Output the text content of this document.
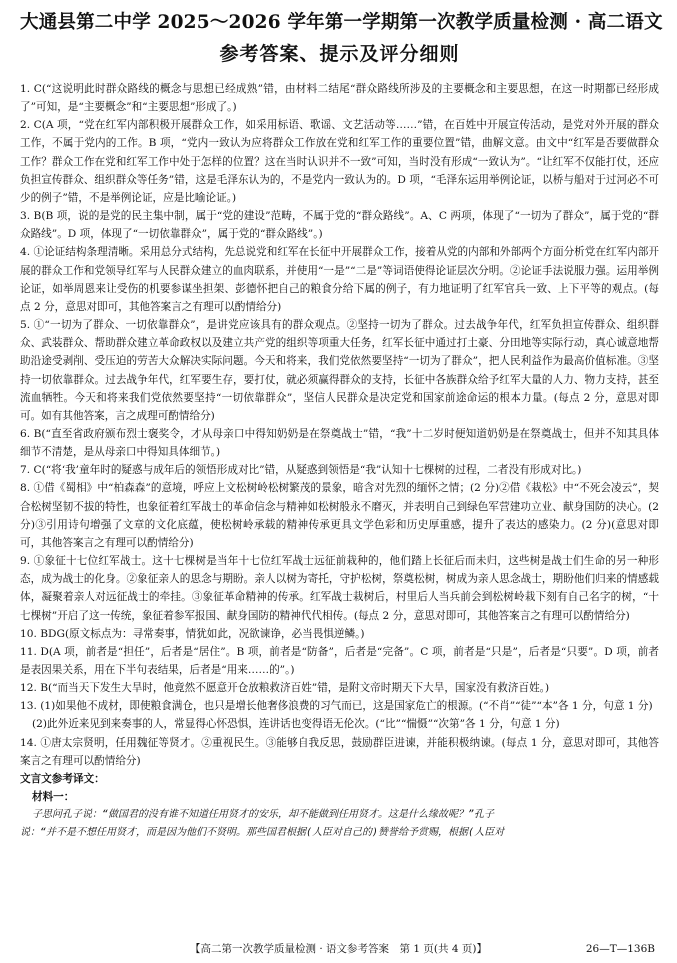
大通县第二中学 2025～2026 学年第一学期第一次教学质量检测 · 高二语文
参考答案、提示及评分细则

1. C(“这说明此时群众路线的概念与思想已经成熟”错，由材料二结尾“群众路线所涉及的主要概念和主要思想，在这一时期都已经形成了”可知，是“主要概念”和“主要思想”形成了。)

2. C(A 项，“党在红军内部积极开展群众工作，如采用标语、歌谣、文艺活动等……”错，在百姓中开展宣传活动，是党对外开展的群众工作，不属于党内的工作。B 项，“党内一致认为应将群众工作放在党和红军工作的重要位置”错，曲解文意。由文中“红军是否要做群众工作？群众工作在党和红军工作中处于怎样的位置？这在当时认识并不一致”可知，当时没有形成“一致认为”。“让红军不仅能打仗，还应负担宣传群众、组织群众等任务”错，这是毛泽东认为的，不是党内一致认为的。D 项，“毛泽东运用举例论证，以桥与船对于过河必不可少的例子”错，不是举例论证，应是比喻论证。)

3. B(B 项，说的是党的民主集中制，属于“党的建设”范畴，不属于党的“群众路线”。A、C 两项，体现了“一切为了群众”，属于党的“群众路线”。D 项，体现了“一切依靠群众”，属于党的“群众路线”。)

4. ①论证结构条理清晰。采用总分式结构，先总说党和红军在长征中开展群众工作，接着从党的内部和外部两个方面分析党在红军内部开展的群众工作和党领导红军与人民群众建立的血肉联系，并使用“一是”“二是”等词语使得论证层次分明。②论证手法说服力强。运用举例论证，如举周恩来让受伤的机要参谋坐担架、彭德怀把自己的粮食分给下属的例子，有力地证明了红军官兵一致、上下平等的观点。(每点 2 分，意思对即可，其他答案言之有理可以酌情给分)

5. ①“一切为了群众、一切依靠群众”，是讲党应该具有的群众观点。②坚持一切为了群众。过去战争年代，红军负担宣传群众、组织群众、武装群众、帮助群众建立革命政权以及建立共产党的组织等项重大任务，红军长征中通过打土豪、分田地等实际行动，真心诚意地帮助沿途受剥削、受压迫的劳苦大众解决实际问题。今天和将来，我们党依然要坚持“一切为了群众”，把人民利益作为最高价值标准。③坚持一切依靠群众。过去战争年代，红军要生存，要打仗，就必须赢得群众的支持，长征中各族群众给予红军大量的人力、物力支持，甚至流血牺牲。今天和将来我们党依然要坚持“一切依靠群众”，坚信人民群众是决定党和国家前途命运的根本力量。(每点 2 分，意思对即可。如有其他答案，言之成理可酌情给分)

6. B(“直至省政府颁布烈士褒奖令，才从母亲口中得知奶奶是在祭奠战士”错，“我”十二岁时便知道奶奶是在祭奠战士，但并不知其具体细节不清楚，是从母亲口中得知具体细节。)

7. C(“将‘我’童年时的疑惑与成年后的领悟形成对比”错，从疑惑到领悟是“我”认知十七棵树的过程，二者没有形成对比。)

8. ①借《蜀相》中“柏森森”的意境，呼应上文松树岭松树繁茂的景象，暗含对先烈的缅怀之情；(2 分)②借《栽松》中“不死会凌云”，契合松树坚韧不拔的特性，也象征着红军战士的革命信念与精神如松树般永不磨灭，并表明自己到绿色军营建功立业、献身国防的决心。(2 分)③引用诗句增强了文章的文化底蕴，使松树岭承载的精神传承更具文学色彩和历史厚重感，提升了表达的感染力。(2 分)(意思对即可，其他答案言之有理可以酌情给分)

9. ①象征十七位红军战士。这十七棵树是当年十七位红军战士远征前栽种的，他们踏上长征后而未归，这些树是战士们生命的另一种形态，成为战士的化身。②象征亲人的思念与期盼。亲人以树为寄托，守护松树，祭奠松树，树成为亲人思念战士，期盼他们归来的情感载体，凝聚着亲人对远征战士的牵挂。③象征革命精神的传承。红军战士栽树后，村里后人当兵前会到松树岭栽下刻有自己名字的树，“十七棵树”开启了这一传统，象征着参军报国、献身国防的精神代代相传。(每点 2 分，意思对即可，其他答案言之有理可以酌情给分)

10. BDG(原文标点为：寻常奏事，情犹如此，况欲谏诤，必当畏惧逆鳞。)

11. D(A 项，前者是“担任”，后者是“居住”。B 项，前者是“防备”，后者是“完备”。C 项，前者是“只是”，后者是“只要”。D 项，前者是表因果关系，用在下半句表结果，后者是“用来……的”。)

12. B(“而当天下发生大旱时，他竟然不愿意开仓放粮救济百姓”错，是附文帝时期天下大旱，国家没有救济百姓。)

13. (1)如果他不成材，即使粮食满仓，也只是增长他奢侈浪费的习气而已，这是国家危亡的根源。(“不肖”“徒”“本”各 1 分，句意 1 分)

(2)此外近来见到来奏事的人，常显得心怀恐惧，连讲话也变得语无伦次。(“比”“惴慑”“次第”各 1 分，句意 1 分)

14. ①唐太宗贤明，任用魏征等贤才。②重视民生。③能够自我反思，鼓励群臣进谏，并能积极纳谏。(每点 1 分，意思对即可，其他答案言之有理可以酌情给分)

文言文参考译文：
材料一：
子思问孔子说：“做国君的没有谁不知道任用贤才的安乐，却不能做到任用贤才。这是什么缘故呢？”孔子
说：“并不是不想任用贤才，而是因为他们不贤明。那些国君根据(人臣对自己的)赞誉给予赏赐，根据(人臣对
【高二第一次教学质量检测 · 语文参考答案　第 1 页(共 4 页)】	26—T—136B
